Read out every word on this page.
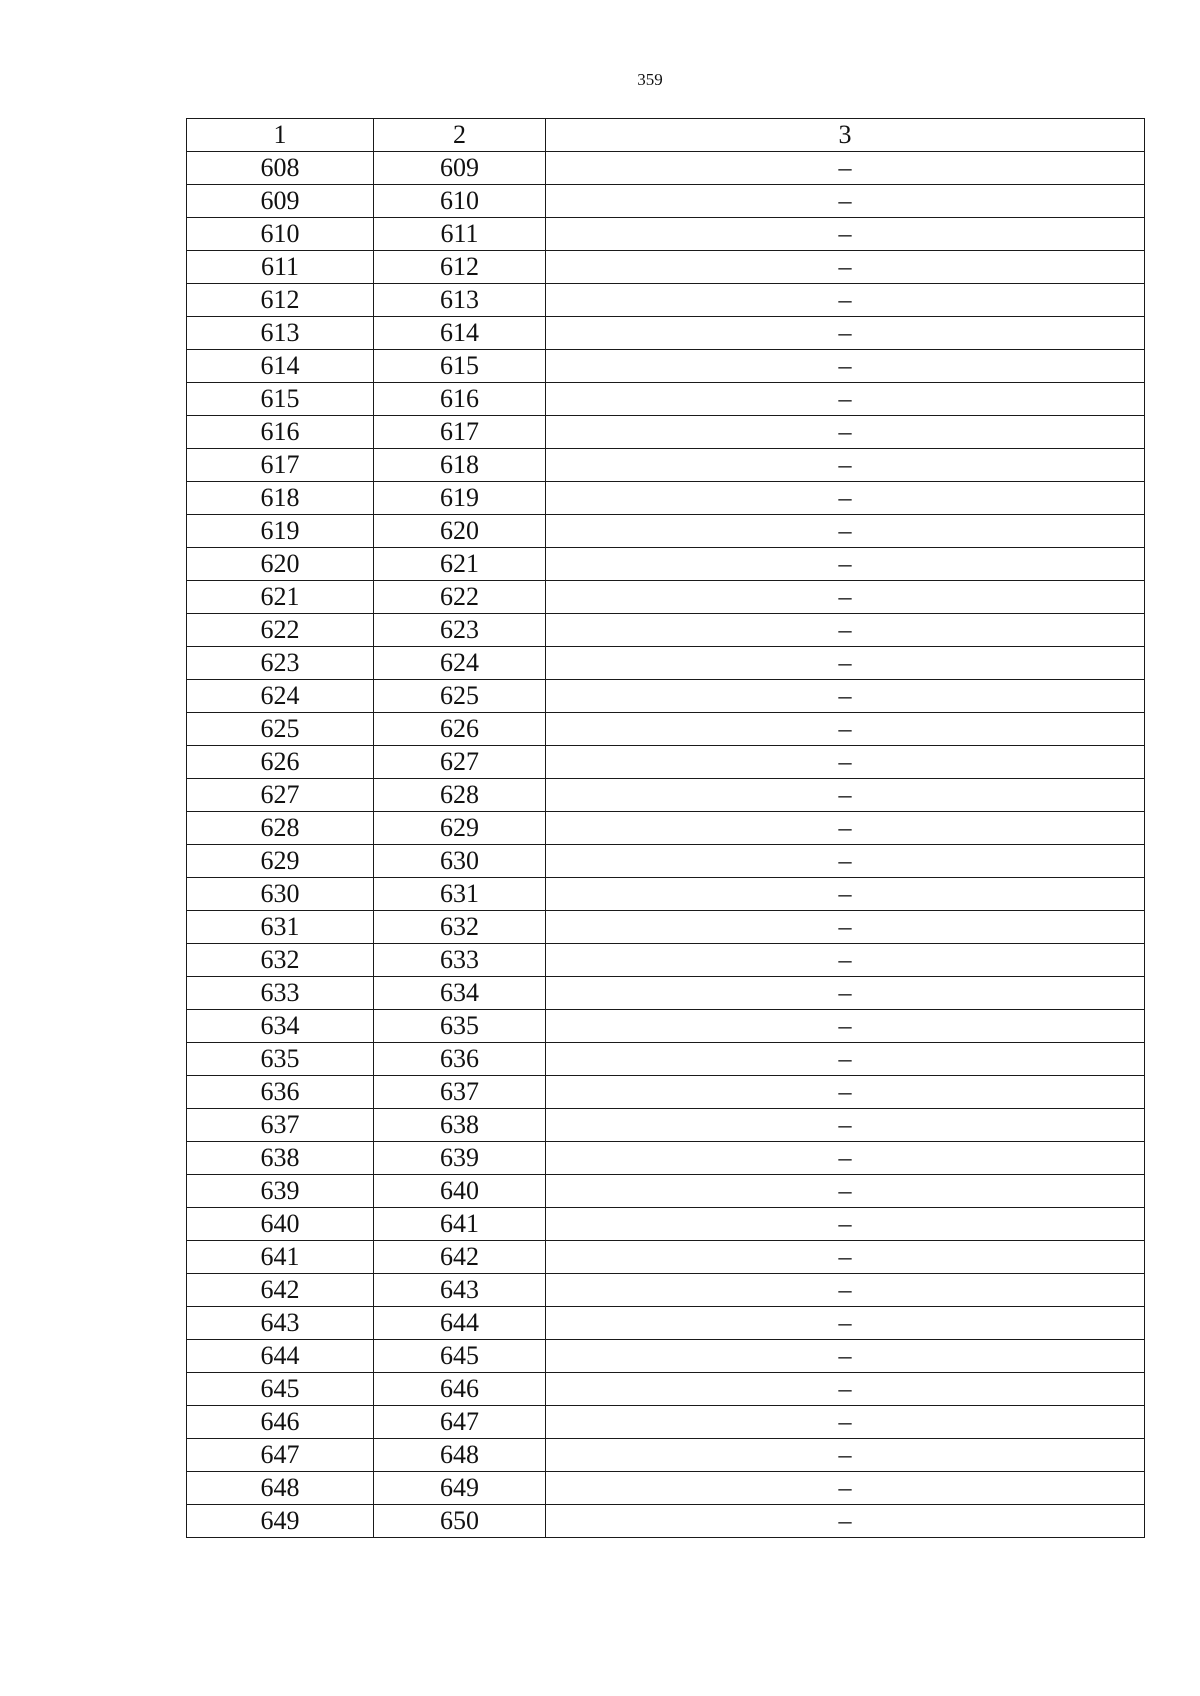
359
1	2	3
608	609	–
609	610	–
610	611	–
611	612	–
612	613	–
613	614	–
614	615	–
615	616	–
616	617	–
617	618	–
618	619	–
619	620	–
620	621	–
621	622	–
622	623	–
623	624	–
624	625	–
625	626	–
626	627	–
627	628	–
628	629	–
629	630	–
630	631	–
631	632	–
632	633	–
633	634	–
634	635	–
635	636	–
636	637	–
637	638	–
638	639	–
639	640	–
640	641	–
641	642	–
642	643	–
643	644	–
644	645	–
645	646	–
646	647	–
647	648	–
648	649	–
649	650	–
